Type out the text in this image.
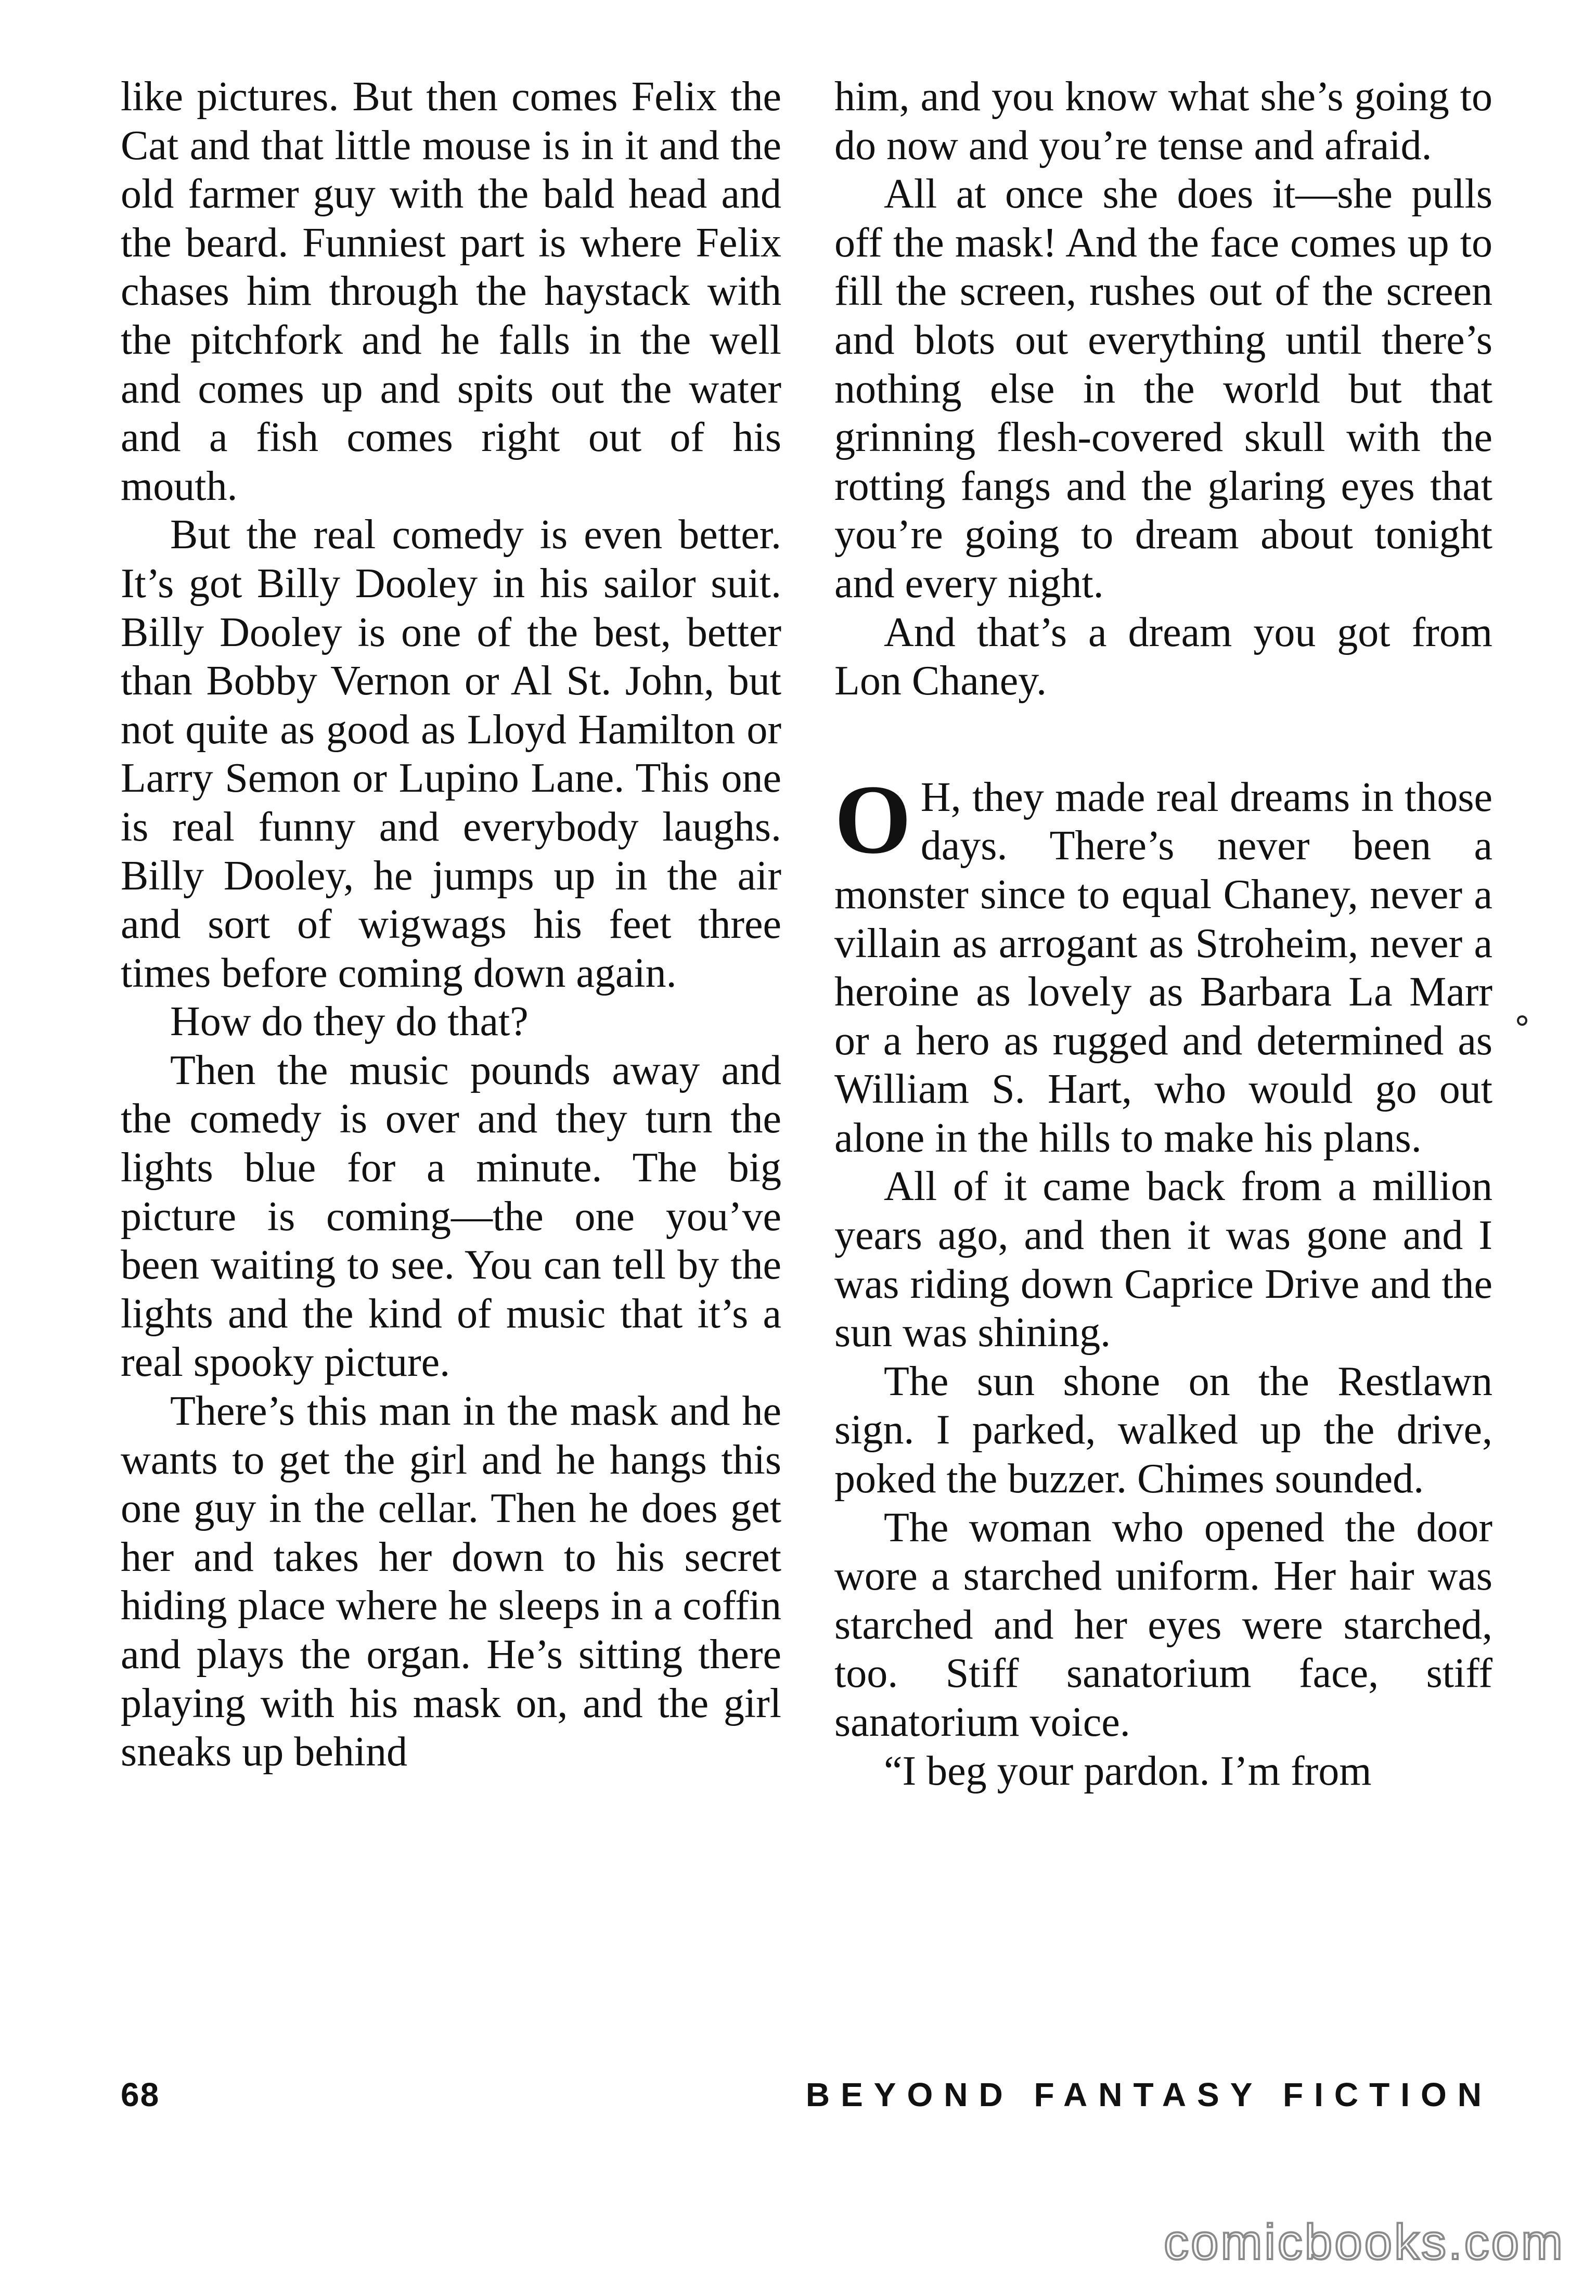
like pictures. But then comes Felix the Cat and that little mouse is in it and the old farmer guy with the bald head and the beard. Funniest part is where Felix chases him through the haystack with the pitchfork and he falls in the well and comes up and spits out the water and a fish comes right out of his mouth.

But the real comedy is even better. It’s got Billy Dooley in his sailor suit. Billy Dooley is one of the best, better than Bobby Vernon or Al St. John, but not quite as good as Lloyd Hamilton or Larry Semon or Lupino Lane. This one is real funny and everybody laughs. Billy Dooley, he jumps up in the air and sort of wigwags his feet three times before coming down again.

How do they do that?

Then the music pounds away and the comedy is over and they turn the lights blue for a minute. The big picture is coming—the one you’ve been waiting to see. You can tell by the lights and the kind of music that it’s a real spooky picture.

There’s this man in the mask and he wants to get the girl and he hangs this one guy in the cellar. Then he does get her and takes her down to his secret hiding place where he sleeps in a coffin and plays the organ. He’s sitting there playing with his mask on, and the girl sneaks up behind

him, and you know what she’s going to do now and you’re tense and afraid.

All at once she does it—she pulls off the mask! And the face comes up to fill the screen, rushes out of the screen and blots out everything until there’s nothing else in the world but that grinning flesh-covered skull with the rotting fangs and the glaring eyes that you’re going to dream about tonight and every night.

And that’s a dream you got from Lon Chaney.

O H, they made real dreams in those days. There’s never been a monster since to equal Chaney, never a villain as arrogant as Stroheim, never a heroine as lovely as Barbara La Marr or a hero as rugged and determined as William S. Hart, who would go out alone in the hills to make his plans.

All of it came back from a million years ago, and then it was gone and I was riding down Caprice Drive and the sun was shining.

The sun shone on the Restlawn sign. I parked, walked up the drive, poked the buzzer. Chimes sounded.

The woman who opened the door wore a starched uniform. Her hair was starched and her eyes were starched, too. Stiff sanatorium face, stiff sanatorium voice.

“I beg your pardon. I’m from

68	BEYOND FANTASY FICTION
comicbooks.com
